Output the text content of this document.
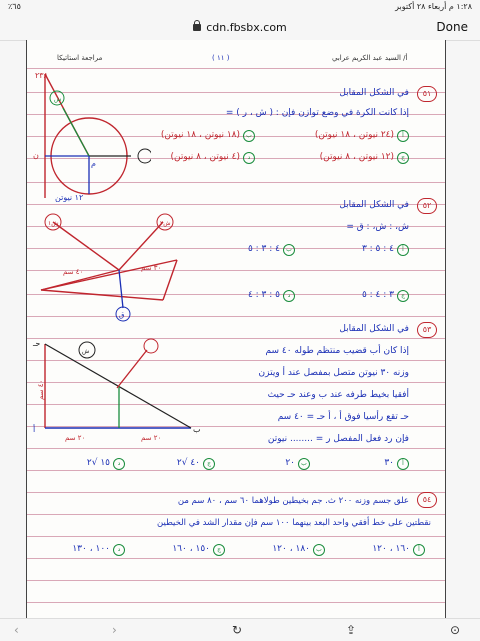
٪٦٥	١:٢٨ م أربعاء ٢٨ أكتوبر
cdn.fbsbx.com	Done
مراجعة استاتيكا	( ١١ )	أ/ السيد عبد الكريم عرابي
٥١
في الشكل المقابل
إذا كانت الكرة في وضع توازن فإن : ( ش ، ر ) =
أ(٢٤ نيوتن ، ١٨ نيوتن)
ب(١٨ نيوتن ، ١٨ نيوتن)
ج(١٢ نيوتن ، ٨ نيوتن)
د(٤ نيوتن ، ٨ نيوتن)
٢٣٨
ن
م
ش
١٢ نيوتن
٥٢
في الشكل المقابل
ش، : ش، : ق =
أ٤ : ٥ : ٣
ب٤ : ٣ : ٥
ج٣ : ٤ : ٥
د٥ : ٣ : ٤
ش١	ش٢
٤٠ سم	٣٠ سم
ق
٥٣
في الشكل المقابل
إذا كان أب قضيب منتظم طوله ٤٠ سم
وزنه ٣٠ نيوتن متصل بمفصل عند أ ويتزن
أفقيا بخيط طرفه عند ب وعند حـ حيث
حـ تقع رأسيا فوق أ ، أ حـ = ٤٠ سم
فإن رد فعل المفصل ر = ........ نيوتن
أ٣٠
ب٢٠
ج٤٠ √٢
د١٥ √٢
حـ
أ	ب
ش
٢٠ سم	٢٠ سم
٤٠ سم
٥٤
علق جسم وزنه ٢٠٠ ث. جم بخيطين طولاهما ٦٠ سم ، ٨٠ سم من
نقطتين على خط أفقي واحد البعد بينهما ١٠٠ سم فإن مقدار الشد في الخيطين
أ١٦٠ ، ١٢٠
ب١٨٠ ، ١٢٠
ج١٥٠ ، ١٦٠
د١٠٠ ، ١٣٠
‹	›	↻	⇪	⊙
